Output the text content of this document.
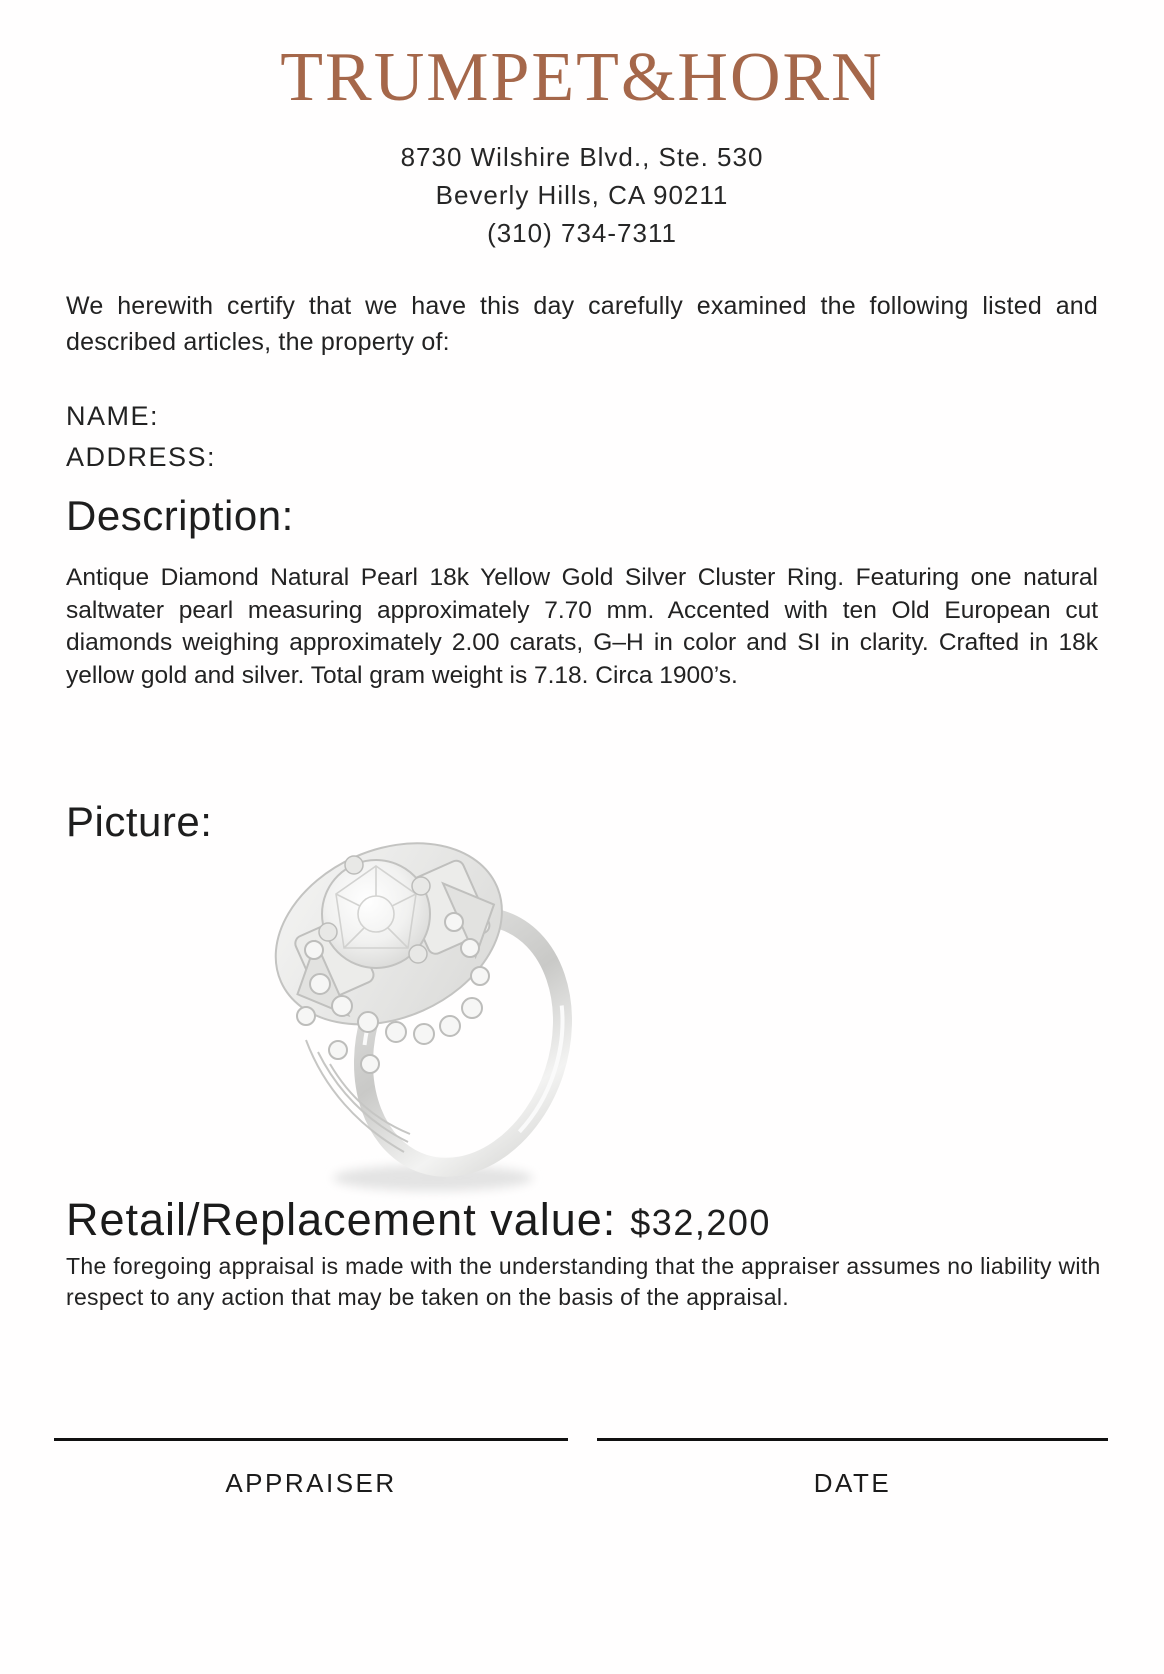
TRUMPET&HORN
8730 Wilshire Blvd., Ste. 530
Beverly Hills, CA 90211
(310) 734-7311

We herewith certify that we have this day carefully examined the following listed and described articles, the property of:

NAME:
ADDRESS:
Description:

Antique Diamond Natural Pearl 18k Yellow Gold Silver Cluster Ring. Featuring one natural saltwater pearl measuring approximately 7.70 mm. Accented with ten Old European cut diamonds weighing approximately 2.00 carats, G–H in color and SI in clarity. Crafted in 18k yellow gold and silver. Total gram weight is 7.18. Circa 1900’s.

Picture:
Retail/Replacement value: $32,200

The foregoing appraisal is made with the understanding that the appraiser assumes no liability with respect to any action that may be taken on the basis of the appraisal.

APPRAISER	DATE
